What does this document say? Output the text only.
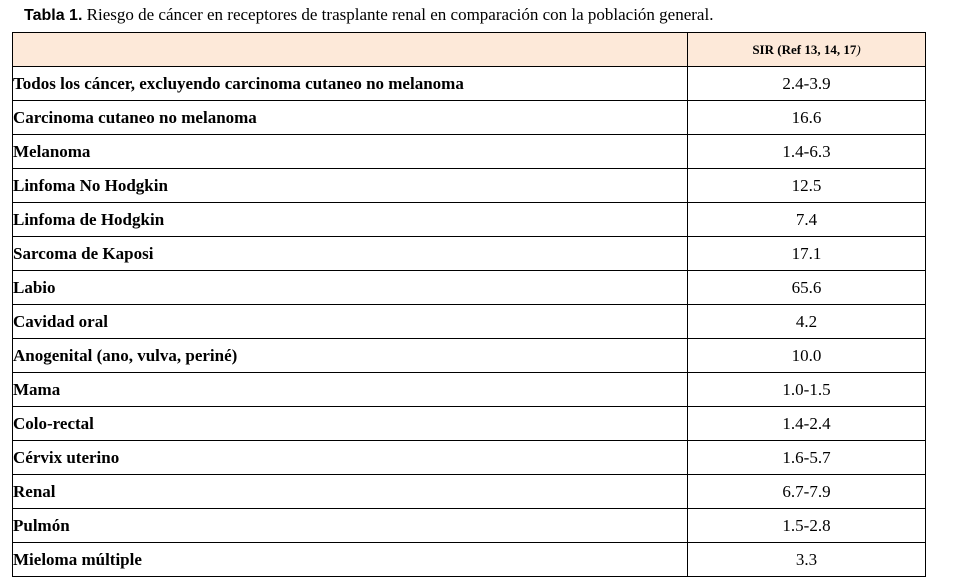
Tabla 1. Riesgo de cáncer en receptores de trasplante renal en comparación con la población general.
	SIR (Ref 13, 14, 17)
Todos los cáncer, excluyendo carcinoma cutaneo no melanoma	2.4-3.9
Carcinoma cutaneo no melanoma	16.6
Melanoma	1.4-6.3
Linfoma No Hodgkin	12.5
Linfoma de Hodgkin	7.4
Sarcoma de Kaposi	17.1
Labio	65.6
Cavidad oral	4.2
Anogenital (ano, vulva, periné)	10.0
Mama	1.0-1.5
Colo-rectal	1.4-2.4
Cérvix uterino	1.6-5.7
Renal	6.7-7.9
Pulmón	1.5-2.8
Mieloma múltiple	3.3
